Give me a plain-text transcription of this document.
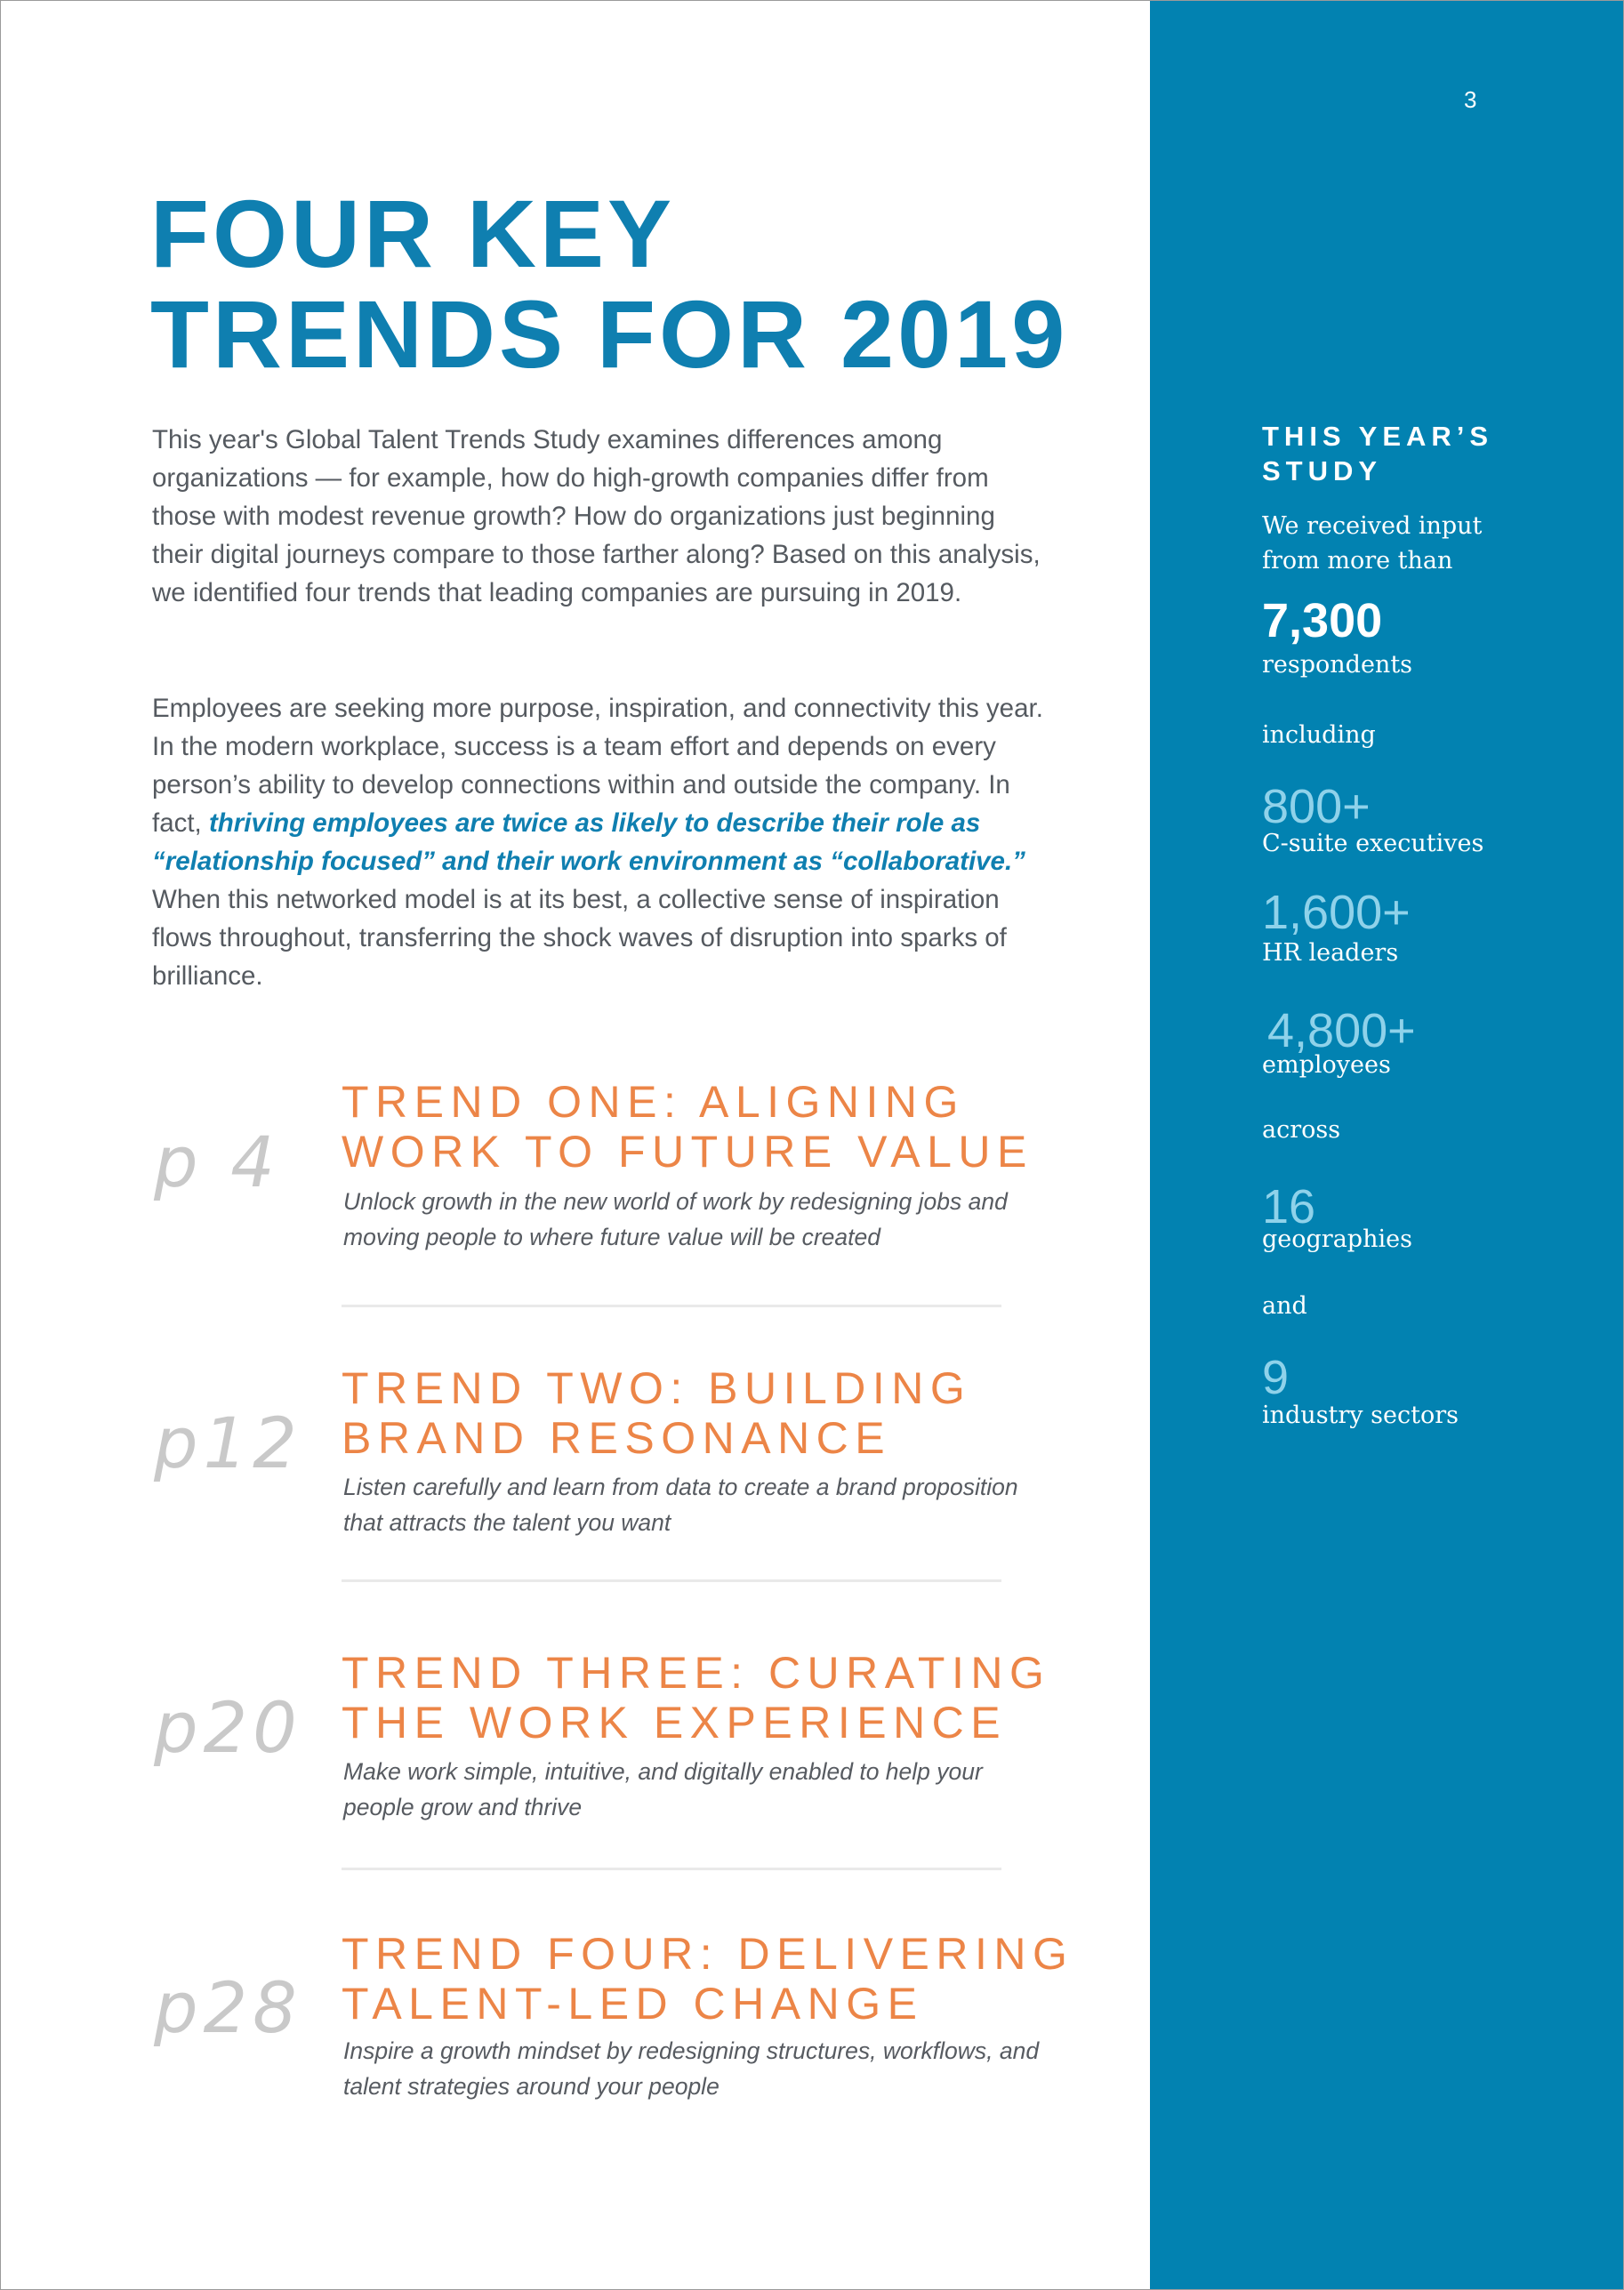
3
FOUR KEY
TRENDS FOR 2019

This year's Global Talent Trends Study examines differences among organizations — for example, how do high-growth companies differ from those with modest revenue growth? How do organizations just beginning their digital journeys compare to those farther along? Based on this analysis, we identified four trends that leading companies are pursuing in 2019.

Employees are seeking more purpose, inspiration, and connectivity this year. In the modern workplace, success is a team effort and depends on every person’s ability to develop connections within and outside the company. In fact, thriving employees are twice as likely to describe their role as “relationship focused” and their work environment as “collaborative.” When this networked model is at its best, a collective sense of inspiration flows throughout, transferring the shock waves of disruption into sparks of brilliance.

p 4
TREND ONE: ALIGNING
WORK TO FUTURE VALUE

Unlock growth in the new world of work by redesigning jobs and moving people to where future value will be created

p12
TREND TWO: BUILDING
BRAND RESONANCE

Listen carefully and learn from data to create a brand proposition that attracts the talent you want

p20
TREND THREE: CURATING
THE WORK EXPERIENCE

Make work simple, intuitive, and digitally enabled to help your people grow and thrive

p28
TREND FOUR: DELIVERING
TALENT-LED CHANGE

Inspire a growth mindset by redesigning structures, workflows, and talent strategies around your people

THIS YEAR’S
STUDY
We received input
from more than
7,300
respondents
including
800+
C-suite executives
1,600+
HR leaders
4,800+
employees
across
16
geographies
and
9
industry sectors
